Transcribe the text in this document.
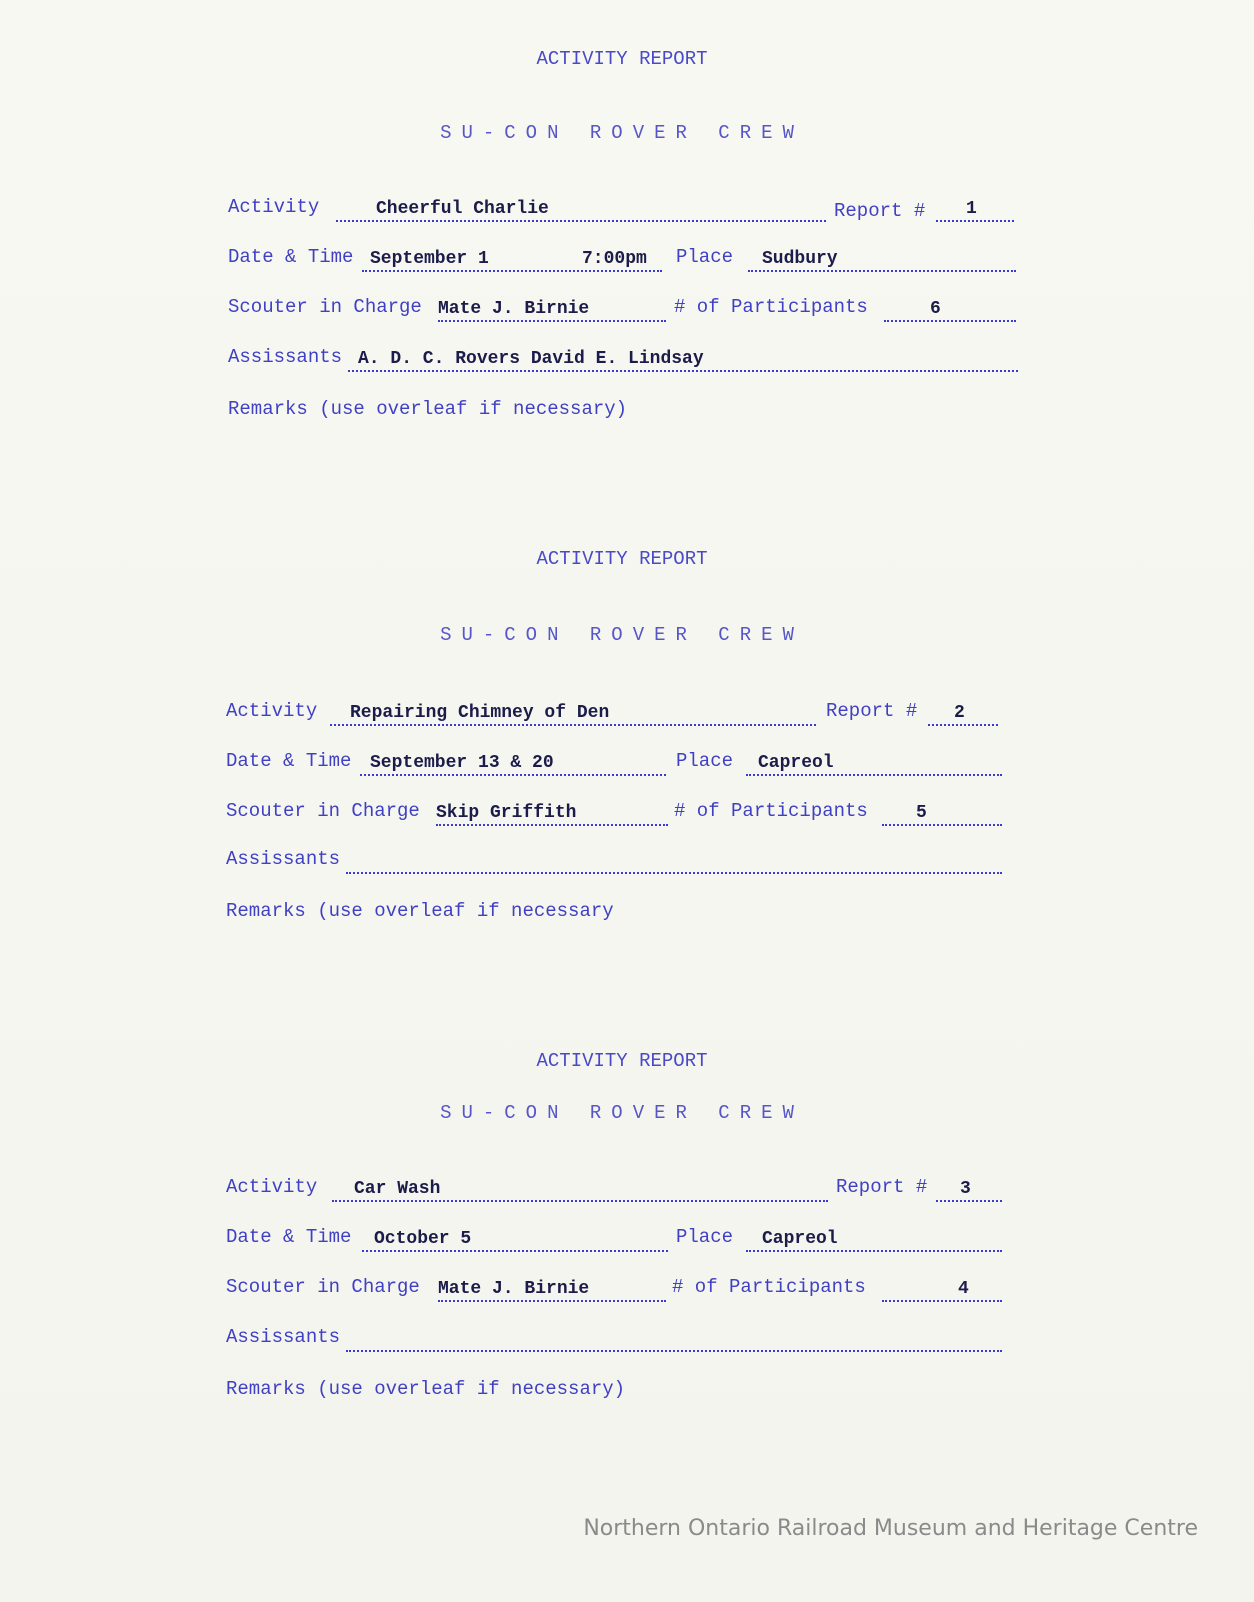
ACTIVITY REPORT
SU-CON ROVER CREW
Activity	Cheerful Charlie	Report # 1
Date & Time September 1	7:00pm Place Sudbury
Scouter in Charge Mate J. Birnie	# of Participants	6
Assissants A. D. C. Rovers David E. Lindsay
Remarks (use overleaf if necessary)
ACTIVITY REPORT
SU-CON ROVER CREW
Activity Repairing Chimney of Den	Report # 2
Date & Time September 13 & 20	Place Capreol
Scouter in Charge Skip Griffith	# of Participants	5
Assissants
Remarks (use overleaf if necessary
ACTIVITY REPORT
SU-CON ROVER CREW
Activity Car Wash	Report # 3
Date & Time October 5	Place Capreol
Scouter in Charge Mate J. Birnie	# of Participants	4
Assissants
Remarks (use overleaf if necessary)
Northern Ontario Railroad Museum and Heritage Centre
